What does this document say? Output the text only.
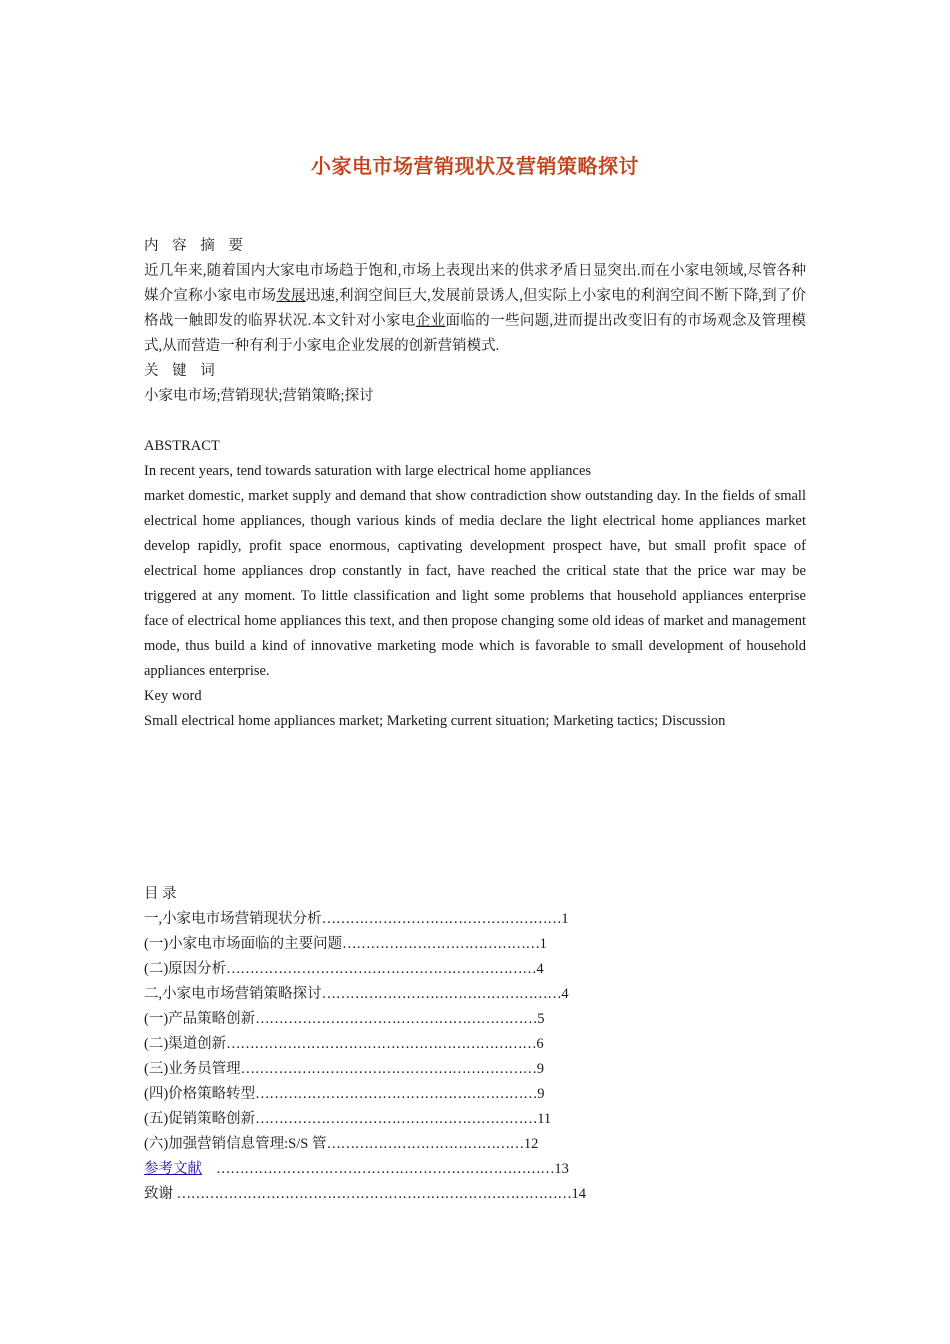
小家电市场营销现状及营销策略探讨

内 容 摘 要

近几年来,随着国内大家电市场趋于饱和,市场上表现出来的供求矛盾日显突出.而在小家电领域,尽管各种媒介宣称小家电市场发展迅速,利润空间巨大,发展前景诱人,但实际上小家电的利润空间不断下降,到了价格战一触即发的临界状况.本文针对小家电企业面临的一些问题,进而提出改变旧有的市场观念及管理模式,从而营造一种有利于小家电企业发展的创新营销模式.

关 键 词

小家电市场;营销现状;营销策略;探讨

ABSTRACT

In recent years, tend towards saturation with large electrical home appliances

market domestic, market supply and demand that show contradiction show outstanding day. In the fields of small electrical home appliances, though various kinds of media declare the light electrical home appliances market develop rapidly, profit space enormous, captivating development prospect have, but small profit space of electrical home appliances drop constantly in fact, have reached the critical state that the price war may be triggered at any moment. To little classification and light some problems that household appliances enterprise face of electrical home appliances this text, and then propose changing some old ideas of market and management mode, thus build a kind of innovative marketing mode which is favorable to small development of household appliances enterprise.

Key word

Small electrical home appliances market; Marketing current situation; Marketing tactics; Discussion

目 录

一,小家电市场营销现状分析……………………………………………1
(一)小家电市场面临的主要问题……………………………………1
(二)原因分析…………………………………………………………4
二,小家电市场营销策略探讨……………………………………………4
(一)产品策略创新……………………………………………………5
(二)渠道创新…………………………………………………………6
(三)业务员管理………………………………………………………9
(四)价格策略转型……………………………………………………9
(五)促销策略创新……………………………………………………11
(六)加强营销信息管理:S/S 管……………………………………12
参考文献 ………………………………………………………………13
致谢 …………………………………………………………………………14
